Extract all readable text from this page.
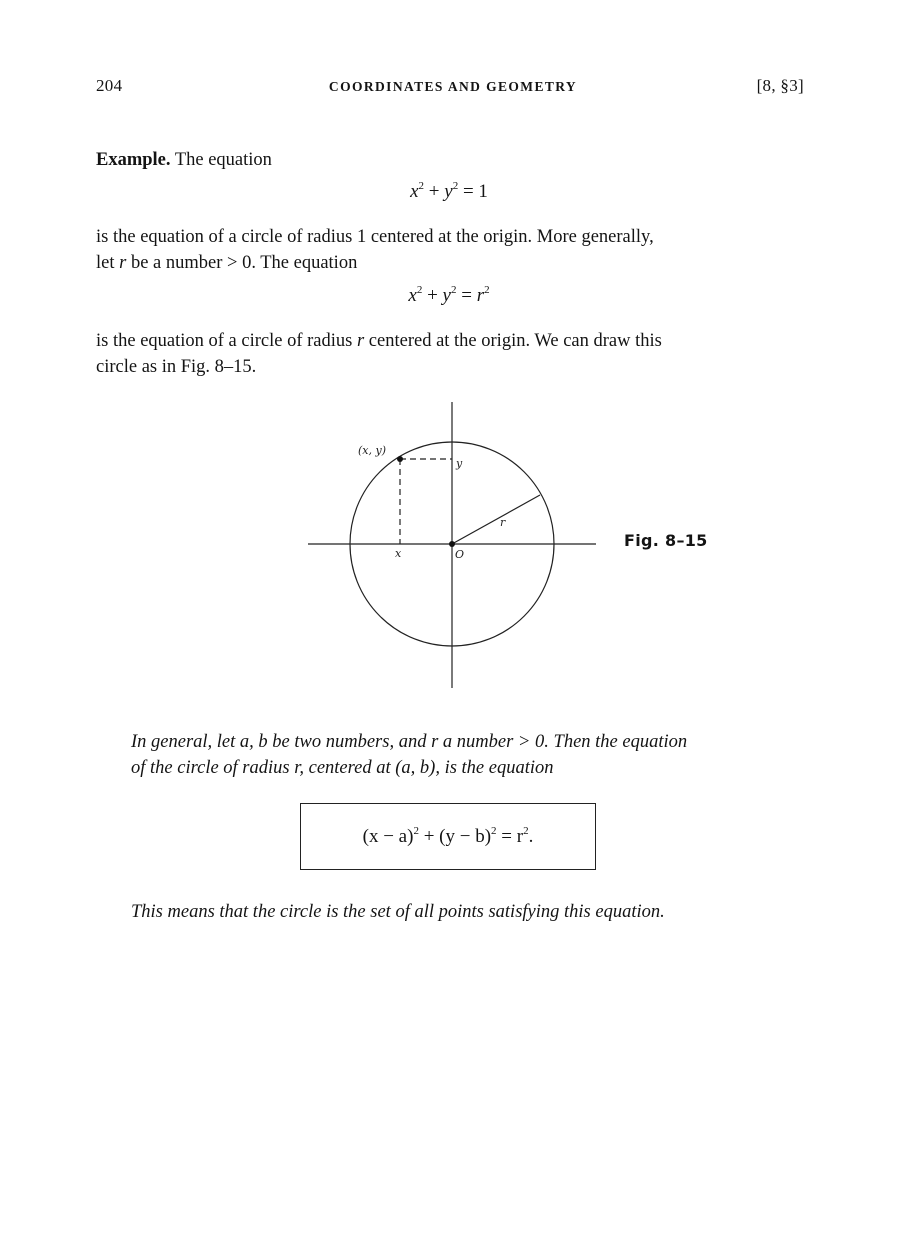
204	COORDINATES AND GEOMETRY	[8, §3]
Example. The equation
$x^2 + y^2 = 1$
is the equation of a circle of radius 1 centered at the origin. More generally,
let r be a number > 0. The equation
$x^2 + y^2 = r^2$
is the equation of a circle of radius r centered at the origin. We can draw this
circle as in Fig. 8–15.
(x, y)
y
x
r
O
Fig. 8–15
In general, let a, b be two numbers, and r a number > 0. Then the equation
of the circle of radius r, centered at (a, b), is the equation
$(x - a)^2 + (y - b)^2 = r^2$.
This means that the circle is the set of all points satisfying this equation.
